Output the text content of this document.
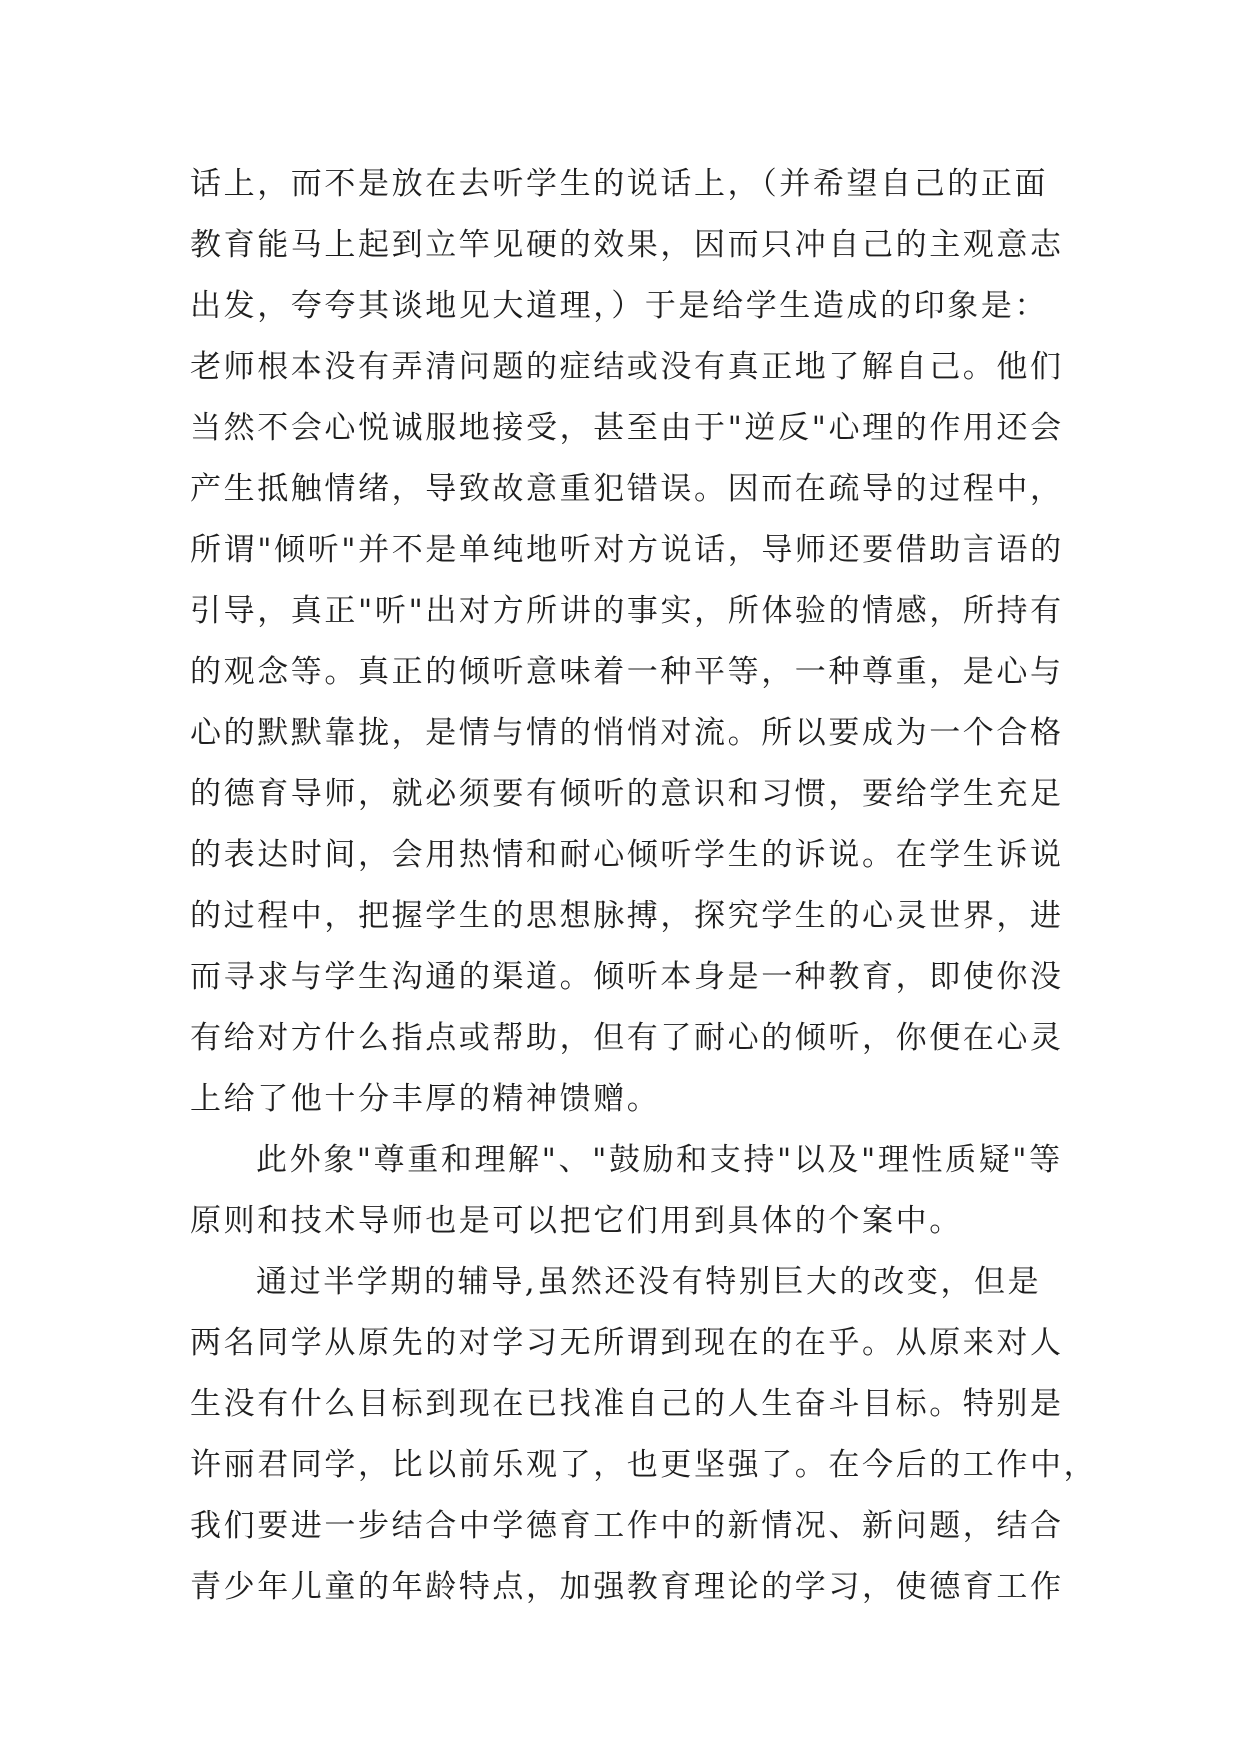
话上，而不是放在去听学生的说话上，（并希望自己的正面
教育能马上起到立竿见硬的效果，因而只冲自己的主观意志
出发，夸夸其谈地见大道理，）于是给学生造成的印象是：
老师根本没有弄清问题的症结或没有真正地了解自己。他们
当然不会心悦诚服地接受，甚至由于"逆反"心理的作用还会
产生抵触情绪，导致故意重犯错误。因而在疏导的过程中，
所谓"倾听"并不是单纯地听对方说话，导师还要借助言语的
引导，真正"听"出对方所讲的事实，所体验的情感，所持有
的观念等。真正的倾听意味着一种平等，一种尊重，是心与
心的默默靠拢，是情与情的悄悄对流。所以要成为一个合格
的德育导师，就必须要有倾听的意识和习惯，要给学生充足
的表达时间，会用热情和耐心倾听学生的诉说。在学生诉说
的过程中，把握学生的思想脉搏，探究学生的心灵世界，进
而寻求与学生沟通的渠道。倾听本身是一种教育，即使你没
有给对方什么指点或帮助，但有了耐心的倾听，你便在心灵
上给了他十分丰厚的精神馈赠。
此外象"尊重和理解"、"鼓励和支持"以及"理性质疑"等
原则和技术导师也是可以把它们用到具体的个案中。
通过半学期的辅导,虽然还没有特别巨大的改变，但是
两名同学从原先的对学习无所谓到现在的在乎。从原来对人
生没有什么目标到现在已找准自己的人生奋斗目标。特别是
许丽君同学，比以前乐观了，也更坚强了。在今后的工作中，
我们要进一步结合中学德育工作中的新情况、新问题，结合
青少年儿童的年龄特点，加强教育理论的学习，使德育工作
